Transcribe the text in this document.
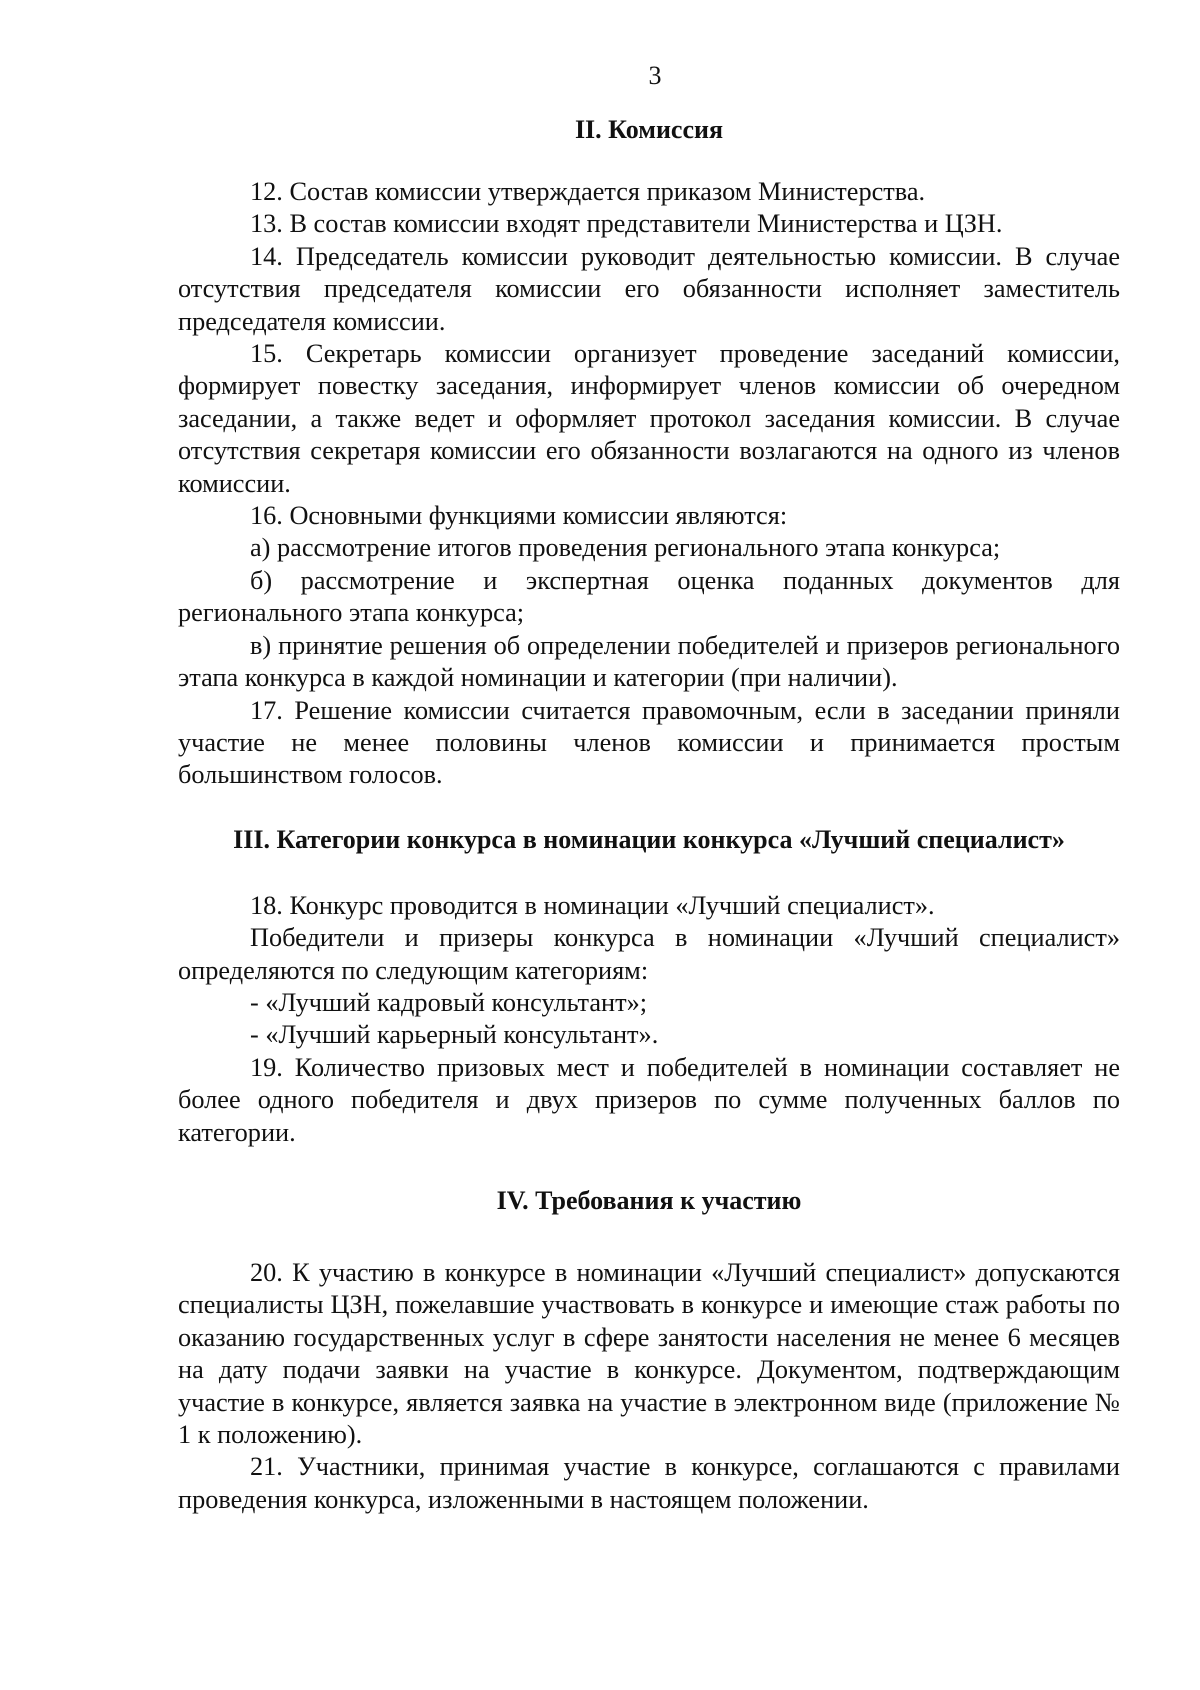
3
II. Комиссия

12. Состав комиссии утверждается приказом Министерства.

13. В состав комиссии входят представители Министерства и ЦЗН.

14. Председатель комиссии руководит деятельностью комиссии. В случае отсутствия председателя комиссии его обязанности исполняет заместитель председателя комиссии.

15. Секретарь комиссии организует проведение заседаний комиссии, формирует повестку заседания, информирует членов комиссии об очередном заседании, а также ведет и оформляет протокол заседания комиссии. В случае отсутствия секретаря комиссии его обязанности возлагаются на одного из членов комиссии.

16. Основными функциями комиссии являются:

а) рассмотрение итогов проведения регионального этапа конкурса;

б) рассмотрение и экспертная оценка поданных документов для регионального этапа конкурса;

в) принятие решения об определении победителей и призеров регионального этапа конкурса в каждой номинации и категории (при наличии).

17. Решение комиссии считается правомочным, если в заседании приняли участие не менее половины членов комиссии и принимается простым большинством голосов.

III. Категории конкурса в номинации конкурса «Лучший специалист»

18. Конкурс проводится в номинации «Лучший специалист».

Победители и призеры конкурса в номинации «Лучший специалист» определяются по следующим категориям:

- «Лучший кадровый консультант»;

- «Лучший карьерный консультант».

19. Количество призовых мест и победителей в номинации составляет не более одного победителя и двух призеров по сумме полученных баллов по категории.

IV. Требования к участию

20. К участию в конкурсе в номинации «Лучший специалист» допускаются специалисты ЦЗН, пожелавшие участвовать в конкурсе и имеющие стаж работы по оказанию государственных услуг в сфере занятости населения не менее 6 месяцев на дату подачи заявки на участие в конкурсе. Документом, подтверждающим участие в конкурсе, является заявка на участие в электронном виде (приложение № 1 к положению).

21. Участники, принимая участие в конкурсе, соглашаются с правилами проведения конкурса, изложенными в настоящем положении.
